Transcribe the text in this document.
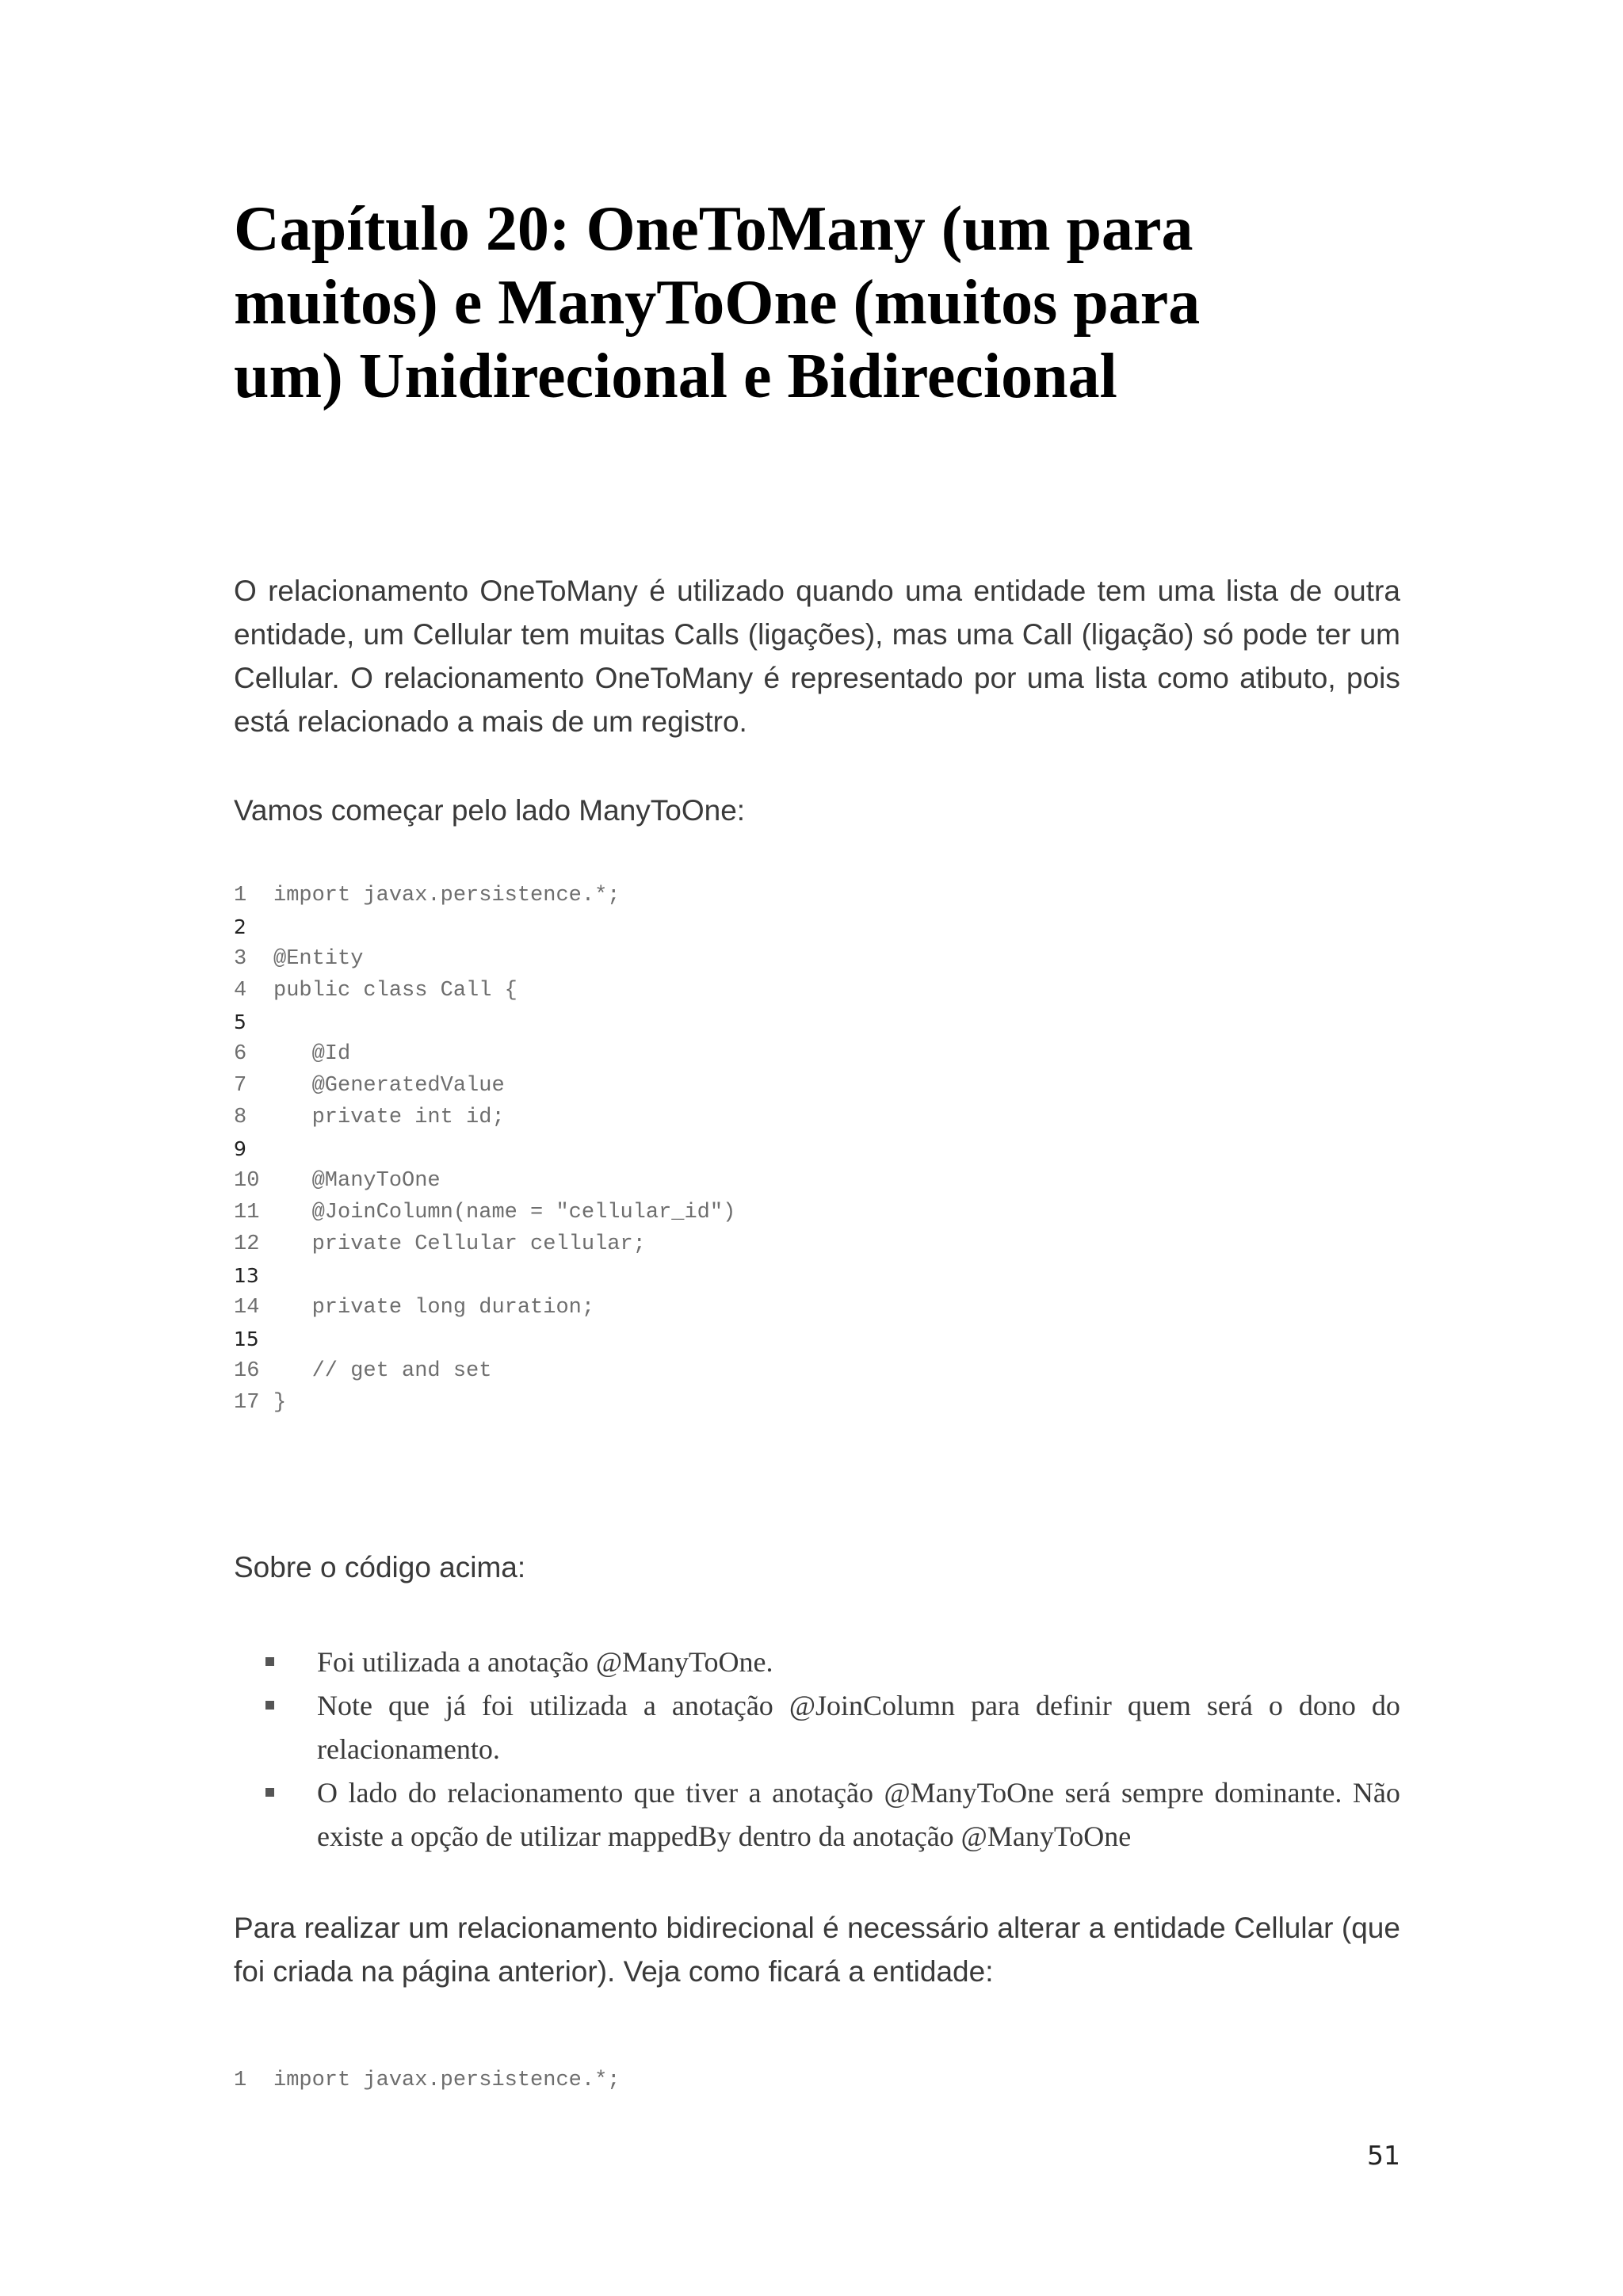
Capítulo 20: OneToMany (um para
muitos) e ManyToOne (muitos para
um) Unidirecional e Bidirecional

O relacionamento OneToMany é utilizado quando uma entidade tem uma lista de outra
entidade, um Cellular tem muitas Calls (ligações), mas uma Call (ligação) só pode ter um
Cellular. O relacionamento OneToMany é representado por uma lista como atibuto, pois
está relacionado a mais de um registro.

Vamos começar pelo lado ManyToOne:

1	import javax.persistence.*;
2
3	@Entity
4	public class Call {
5
6	@Id
7	@GeneratedValue
8	private int id;
9
10 @ManyToOne
11 @JoinColumn(name = "cellular_id")
12 private Cellular cellular;
13
14 private long duration;
15
16 // get and set
17 }

Sobre o código acima:

Foi utilizada a anotação @ManyToOne.
Note que já foi utilizada a anotação @JoinColumn para definir quem será o dono do
relacionamento.
O lado do relacionamento que tiver a anotação @ManyToOne será sempre dominante. Não
existe a opção de utilizar mappedBy dentro da anotação @ManyToOne

Para realizar um relacionamento bidirecional é necessário alterar a entidade Cellular (que
foi criada na página anterior). Veja como ficará a entidade:

1	import javax.persistence.*;
51
